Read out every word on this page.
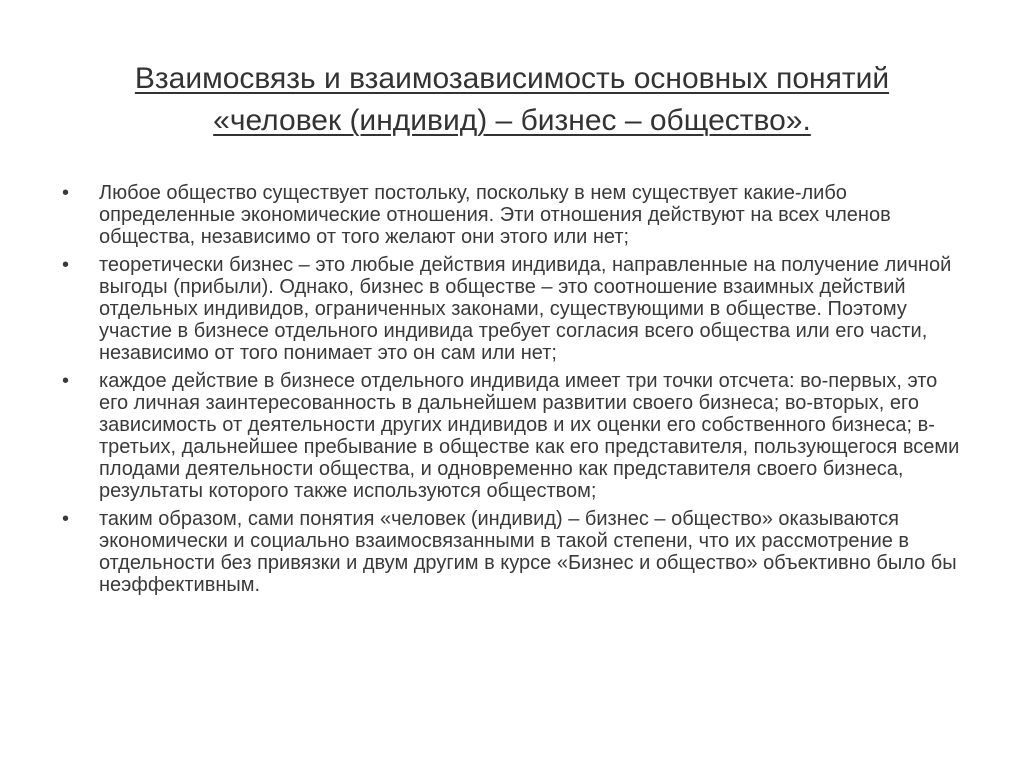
Взаимосвязь и взаимозависимость основных понятий
«человек (индивид) – бизнес – общество».
•	Любое общество существует постольку, поскольку в нем существует какие-либо определенные экономические отношения. Эти отношения действуют на всех членов общества, независимо от того желают они этого или нет;
•	теоретически бизнес – это любые действия индивида, направленные на получение личной выгоды (прибыли). Однако, бизнес в обществе – это соотношение взаимных действий отдельных индивидов, ограниченных законами, существующими в обществе. Поэтому участие в бизнесе отдельного индивида требует согласия всего общества или его части, независимо от того понимает это он сам или нет;
•	каждое действие в бизнесе отдельного индивида имеет три точки отсчета: во-первых, это его личная заинтересованность в дальнейшем развитии своего бизнеса; во-вторых, его зависимость от деятельности других индивидов и их оценки его собственного бизнеса; в-третьих, дальнейшее пребывание в обществе как его представителя, пользующегося всеми плодами деятельности общества, и одновременно как представителя своего бизнеса, результаты которого также используются обществом;
•	таким образом, сами понятия «человек (индивид) – бизнес – общество» оказываются экономически и социально взаимосвязанными в такой степени, что их рассмотрение в отдельности без привязки и двум другим в курсе «Бизнес и общество» объективно было бы неэффективным.
